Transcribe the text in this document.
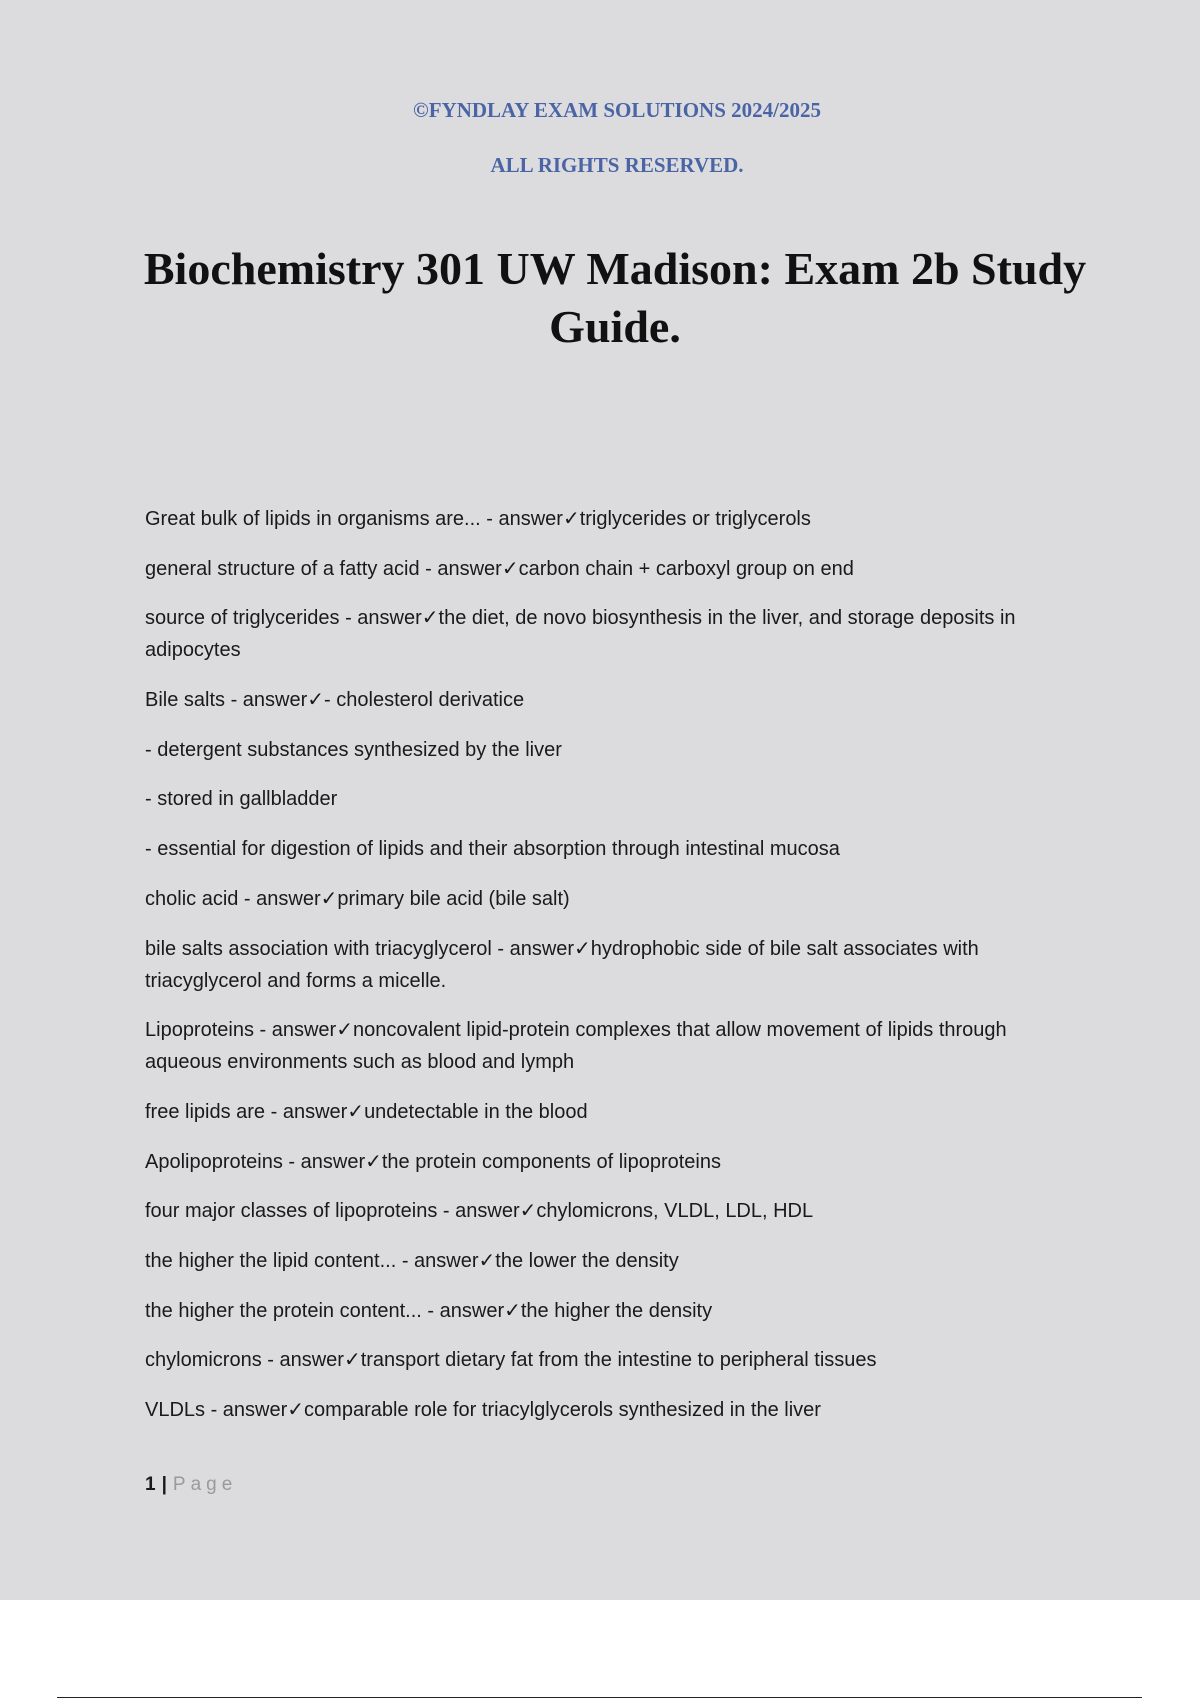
©FYNDLAY EXAM SOLUTIONS 2024/2025
ALL RIGHTS RESERVED.
Biochemistry 301 UW Madison: Exam 2b Study Guide.
Great bulk of lipids in organisms are... - answer✓triglycerides or triglycerols
general structure of a fatty acid - answer✓carbon chain + carboxyl group on end
source of triglycerides - answer✓the diet, de novo biosynthesis in the liver, and storage deposits in adipocytes
Bile salts - answer✓- cholesterol derivatice
- detergent substances synthesized by the liver
- stored in gallbladder
- essential for digestion of lipids and their absorption through intestinal mucosa
cholic acid - answer✓primary bile acid (bile salt)
bile salts association with triacyglycerol - answer✓hydrophobic side of bile salt associates with triacyglycerol and forms a micelle.
Lipoproteins - answer✓noncovalent lipid-protein complexes that allow movement of lipids through aqueous environments such as blood and lymph
free lipids are - answer✓undetectable in the blood
Apolipoproteins - answer✓the protein components of lipoproteins
four major classes of lipoproteins - answer✓chylomicrons, VLDL, LDL, HDL
the higher the lipid content... - answer✓the lower the density
the higher the protein content... - answer✓the higher the density
chylomicrons - answer✓transport dietary fat from the intestine to peripheral tissues
VLDLs - answer✓comparable role for triacylglycerols synthesized in the liver
1 | Page
